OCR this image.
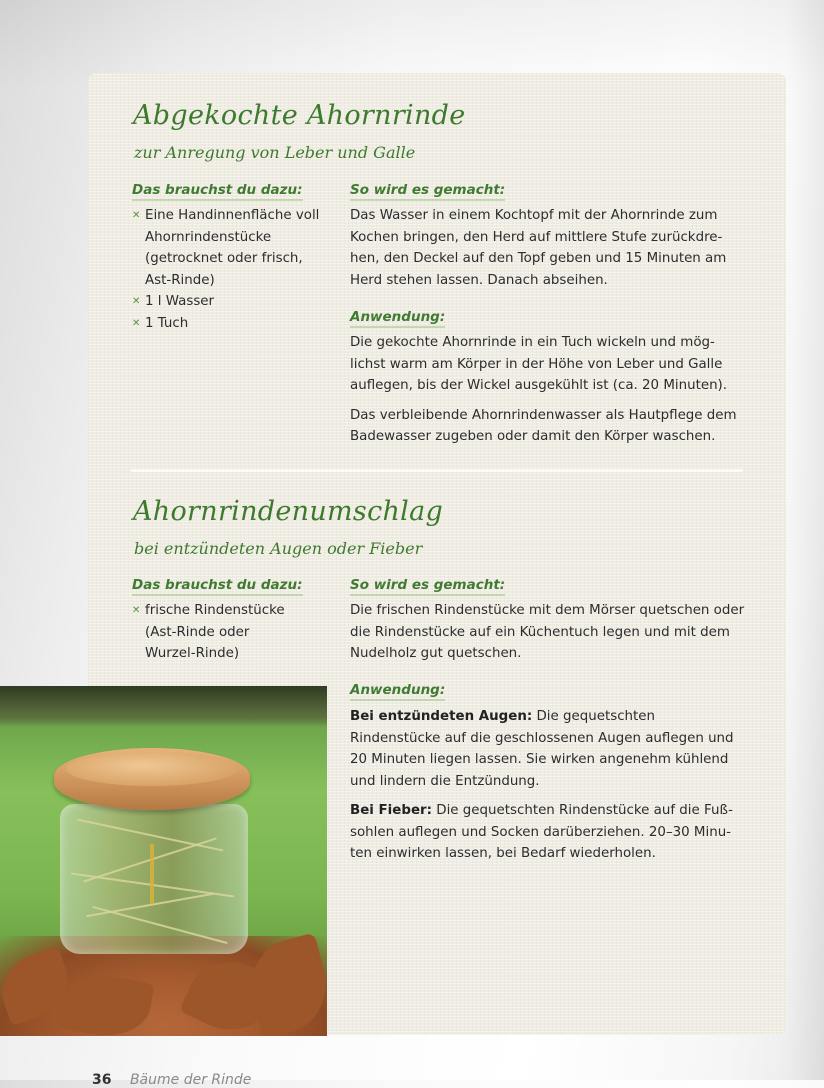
Abgekochte Ahornrinde
zur Anregung von Leber und Galle
Das brauchst du dazu:
✕ Eine Handinnenfläche voll Ahornrindenstücke (getrocknet oder frisch, Ast-Rinde)
✕ 1 l Wasser
✕ 1 Tuch
So wird es gemacht:

Das Wasser in einem Kochtopf mit der Ahornrinde zum Kochen bringen, den Herd auf mittlere Stufe zurückdre-hen, den Deckel auf den Topf geben und 15 Minuten am Herd stehen lassen. Danach abseihen.

Anwendung:

Die gekochte Ahornrinde in ein Tuch wickeln und mög-lichst warm am Körper in der Höhe von Leber und Galle auflegen, bis der Wickel ausgekühlt ist (ca. 20 Minuten).

Das verbleibende Ahornrindenwasser als Hautpflege dem Badewasser zugeben oder damit den Körper waschen.

Ahornrindenumschlag
bei entzündeten Augen oder Fieber
Das brauchst du dazu:
✕ frische Rindenstücke (Ast-Rinde oder Wurzel-Rinde)
So wird es gemacht:

Die frischen Rindenstücke mit dem Mörser quetschen oder die Rindenstücke auf ein Küchentuch legen und mit dem Nudelholz gut quetschen.

Anwendung:

Bei entzündeten Augen: Die gequetschten Rindenstücke auf die geschlossenen Augen auflegen und 20 Minuten liegen lassen. Sie wirken angenehm kühlend und lindern die Entzündung.

Bei Fieber: Die gequetschten Rindenstücke auf die Fuß-sohlen auflegen und Socken darüberziehen. 20–30 Minu-ten einwirken lassen, bei Bedarf wiederholen.

36 Bäume der Rinde
